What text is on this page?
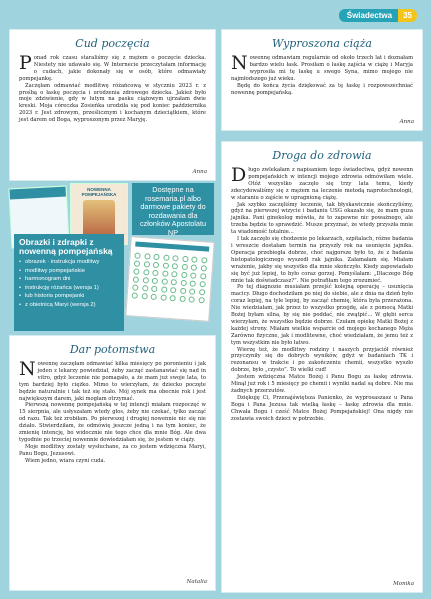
Świadectwa	35
Cud poczęcia

Ponad rok czasu staraliśmy się z mężem o poczęcie dziecka. Niestety nie udawało się. W Internecie przeczytałam informację o cudach, jakie dokonały się w osób, które odmawiały pompejankę.

Zaczęłam odmawiać modlitwę różańcową w styczniu 2023 r. z prośbą o łaskę poczęcia i urodzenia zdrowego dziecka. Jakież było moje zdziwienie, gdy w lutym na pasku ciążowym ujrzałam dwie kreski. Moja córeczka Zosieńka urodziła się pod koniec października 2023 r. Jest zdrowym, prześlicznym i kochanym dzieciątkiem, które jest darem od Boga, wyproszonym przez Maryję.

Anna
Wyproszona ciąża

Nowennę odmawiam regularnie od około trzech lat i doznałam bardzo wielu łask. Prosiłam o łaskę zajścia w ciążę i Maryja wyprosiła mi tę łaskę u swego Syna, mimo mojego nie najmłodszego już wieku.

Będę do końca życia dziękować za tę łaskę i rozpowszechniać nowennę pompejańską.

Anna
Droga do zdrowia

Długo zwlekałam z napisaniem tego świadectwa, gdyż nowenn pompejańskich w intencji mojego zdrowia odmówiłam wiele. Otóż wszystko zaczęło się trzy lata temu, kiedy zdecydowaliśmy się z mężem na leczenie metodą naprotechnologii, w staraniu o zajście w upragnioną ciążę.

Jak szybko zaczęliśmy leczenie, tak błyskawicznie skończyliśmy, gdyż na pierwszej wizycie i badaniu USG okazało się, że mam guza jajnika. Pani ginekolog mówiła, że to zapewne nic poważnego, ale trzeba będzie to sprawdzić. Musze przyznać, że wtedy przyszła mnie ta wiadomość totalnie...

I tak zaczęło się chodzenie po lekarzach, szpitalach, różne badania i wreszcie dostałam termin na przyszły rok na usunięcie jajnika. Operacja przebiegła dobrze, choć najgorsze było to, że z badania histopatologicznego wyszedł rak jajnika. Załamałam się. Miałam wrażenie, jakby się wszystko dla mnie skończyło. Kiedy zapowiadało się być już lepiej, to było coraz gorzej. Pomyślałam: „Dlaczego Bóg mnie tak doświadczasz?”. Nie potrafiłam tego zrozumieć.

Po tej diagnozie musiałam przejść kolejną operację – usunięcia macicy. Długo dochodziłam po niej do siebie, ale z dnia na dzień było coraz lepiej, na tyle lepiej, by zacząć chemię, która była przerażona. Nie wiedziałam, jak przez to wszystko przejdę, ale z pomocą Matki Bożej byłam silna, by się nie poddać, nie zwątpić... W głębi serca wierzyłam, że wszystko będzie dobrze. Czułam opiekę Matki Bożej z każdej strony. Miałam wielkie wsparcie od mojego kochanego Męża Zarówno fizyczne, jak i modlitewne, choć wiedziałam, że jemu też z tym wszystkim nie było łatwo.

Wierzę też, że modlitwy rodziny i naszych przyjaciół również przyczyniły się do dobrych wyników, gdyż w badaniach TK i rezonansu w trakcie i po zakończeniu chemii, wszystko wyszło dobrze, było „czysto”. To wielki cud!

Jestem wdzięczna Matce Bożej i Panu Bogu za łaskę zdrowia. Minął już rok i 5 miesięcy po chemii i wyniki nadal są dobre. Nie ma żadnych przerzutów.

Dziękuję Ci, Przenajświętsza Panienko, że wyprosaszasz u Pana Boga i Pana Jezusa tak wielką łaskę – łaskę zdrowia dla mnie. Chwała Bogu i cześć Matce Bożej Pompejańskiej! Ona nigdy nie zostawia swoich dzieci w potrzebie.

Monika
NOWENNA POMPEJAŃSKA
Dostępne na rosemaria.pl albo darmowe pakiety do rozdawania dla członków Apostolatu NP
Obrazki i zdrapki z nowenną pompejańską
• obrazek · instrukcja modlitwy
• modlitwy pompejańskie
• harmonogram dni
• instrukcję różańca (wersja 1)
• lub historia pompejanki
• z obietnicą Maryi (wersja 2)
Dar potomstwa

Nowennę zaczęłam odmawiać kilka miesięcy po poronieniu i jak jeden z lekarzy powiedział, żeby zacząć zastanawiać się nad in vitro, gdyż leczenie nie pomagało, a że mam już swoje lata, to tym bardziej było ciężko. Mimo to wierzyłam, że dziecko poczęte będzie naturalnie i tak też się stało. Mój synek ma obecnie rok i jest największym darem, jaki mogłam otrzymać.

Pierwszą nowennę pompejańską w tej intencji miałam rozpoczęć w 15 sierpnia, ale usłyszałam wtedy głos, żeby nie czekać, tylko zacząć od razu. Tak też zrobiłam. Po pierwszej i drugiej nowennie nic się nie działo. Stwierdziłam, że odmówię jeszcze jedną i na tym koniec, że zmienię intencję, bo widocznie nie tego chce dla mnie Bóg. Ale dwa tygodnie po trzeciej nowennie dowiedziałam się, że jestem w ciąży.

Moje modlitwy zostały wysłuchane, za co jestem wdzięczna Maryi, Panu Bogu, Jezusowi.

Wiem jedno, wiara czyni cuda.

Natalia
